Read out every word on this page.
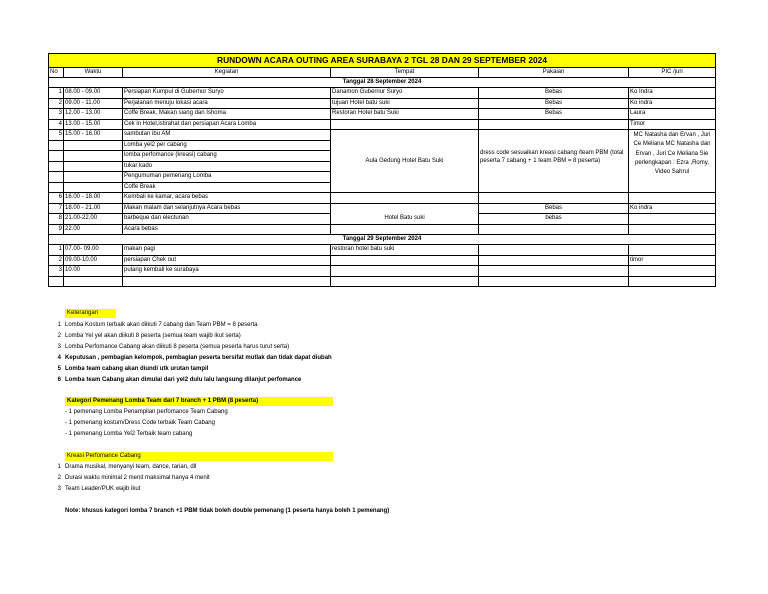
RUNDOWN ACARA OUTING AREA SURABAYA 2 TGL 28 DAN 29 SEPTEMBER 2024					
No	Waktu	Kegiatan	Tempat	Pakaian	PIC /juri
Tanggal 28 September 2024					
1	08.00 - 09.00	Persiapan Kumpul di Gubernur Suryo	Danamon Gubernur Suryo	Bebas	Ko Indra
2	09.00 - 11.00	Perjalanan menuju lokasi acara	tujuan Hotel batu suki	Bebas	Ko indra
3	12.00 - 13.00	Coffe Break, Makan siang dan Ishoma	Restoran Hotel batu Suki	Bebas	Laura
4	13.00 - 15.00	Cek in Hotel,istirahat dan persiapan Acara Lomba			Timor
5	15.00 - 16.00	sambutan ibu AM	Aula Gedung Hotel Batu Suki	dress code sesuaikan kreasi cabang /team PBM (total peserta 7 cabang + 1 team PBM = 8 peserta)	MC Natasha dan Ervan , Juri Ce Meliana MC Natasha dan Ervan , Juri Ce Meliana Sie perlengkapan : Ezra ,Romy, Video Sahrul
		Lomba yel2 per cabang			
		lomba perfomance (kreasi) cabang			
		tukar kado			
		Pengumuman pemenang Lomba			
		Coffe Break			
6	16.00 - 18.00	Kembali ke kamar, acara bebas			
7	18.00 - 21.00	Makan malam dan selanjutnya Acara bebas	Hotel Batu suki	Bebas	Ko indra
8	21.00-22.00	barbeque dan electunan		bebas	
9	22.00	Acara bebas			
Tanggal 29 September 2024					
1	07.00- 09.00	makan pagi	restoran hotel batu suki		
2	09.00-10.00	persiapan Chek out			timor
3	10.00	pulang kembali ke surabaya			

Keterangan
1 Lomba Kostum terbaik akan diikuti 7 cabang dan Team PBM = 8 peserta
2 Lomba Yel yel akan diikuti 8 peserta (semua team wajib ikut serta)
3 Lomba Perfomance Cabang akan diikuti 8 peserta (semua peserta harus turut serta)
4 Keputusan , pembagian kelompok, pembagian peserta bersifat mutlak dan tidak dapat diubah
5 Lomba team cabang akan diundi utk urutan tampil
6 Lomba team Cabang akan dimulai dari yel2 dulu lalu langsung dilanjut perfomance
Kategori Pemenang Lomba Team dari 7 branch + 1 PBM (8 peserta)
- 1 pemenang Lomba Penampilan perfomance Team Cabang
- 1 pemenang kostum/Dress Code terbaik Team Cabang
- 1 pemenang Lomba Yel2 Terbaik team cabang
Kreasi Perfomance Cabang
1 Drama musikal, menyanyi team, dance, tarian, dll
2 Durasi waktu minimal 2 menit maksimal hanya 4 menit
3 Team Leader/PUK wajib ikut
Note: khusus kategori lomba 7 branch +1 PBM tidak boleh double pemenang (1 peserta hanya boleh 1 pemenang)
